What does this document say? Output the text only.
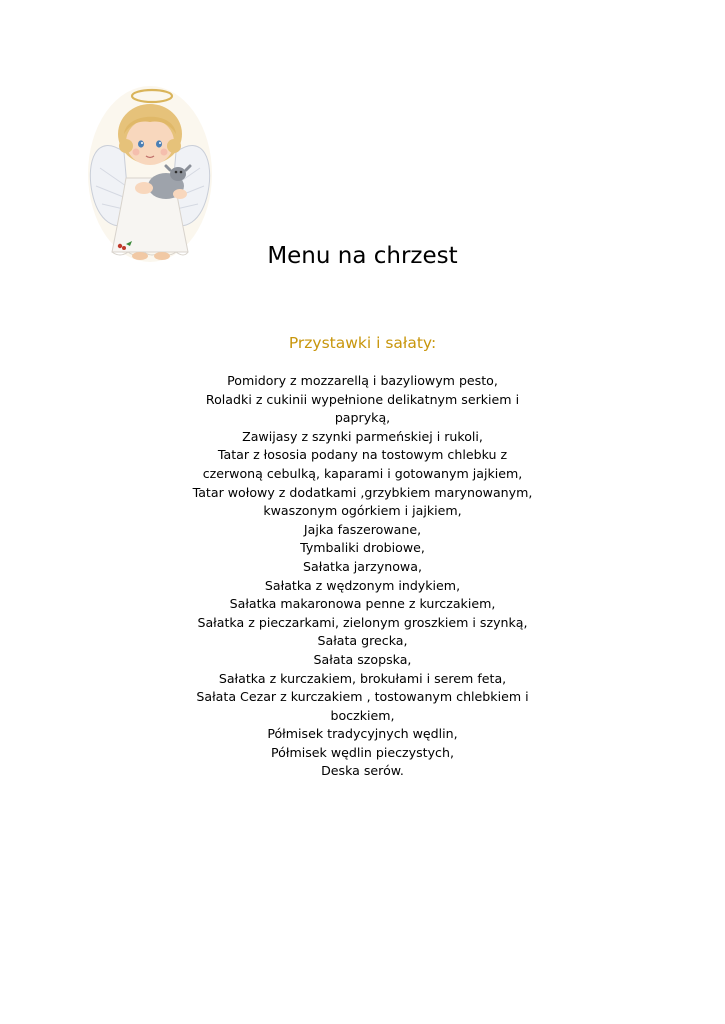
Menu na chrzest
Przystawki i sałaty:
Pomidory z mozzarellą i bazyliowym pesto,
Roladki z cukinii wypełnione delikatnym serkiem i papryką,
Zawijasy z szynki parmeńskiej i rukoli,
Tatar z łososia podany na tostowym chlebku z czerwoną cebulką, kaparami i gotowanym jajkiem,
Tatar wołowy z dodatkami ,grzybkiem marynowanym, kwaszonym ogórkiem i jajkiem,
Jajka faszerowane,
Tymbaliki drobiowe,
Sałatka jarzynowa,
Sałatka z wędzonym indykiem,
Sałatka makaronowa penne z kurczakiem,
Sałatka z pieczarkami, zielonym groszkiem i szynką,
Sałata grecka,
Sałata szopska,
Sałatka z kurczakiem, brokułami i serem feta,
Sałata Cezar z kurczakiem , tostowanym chlebkiem i boczkiem,
Półmisek tradycyjnych wędlin,
Półmisek wędlin pieczystych,
Deska serów.
